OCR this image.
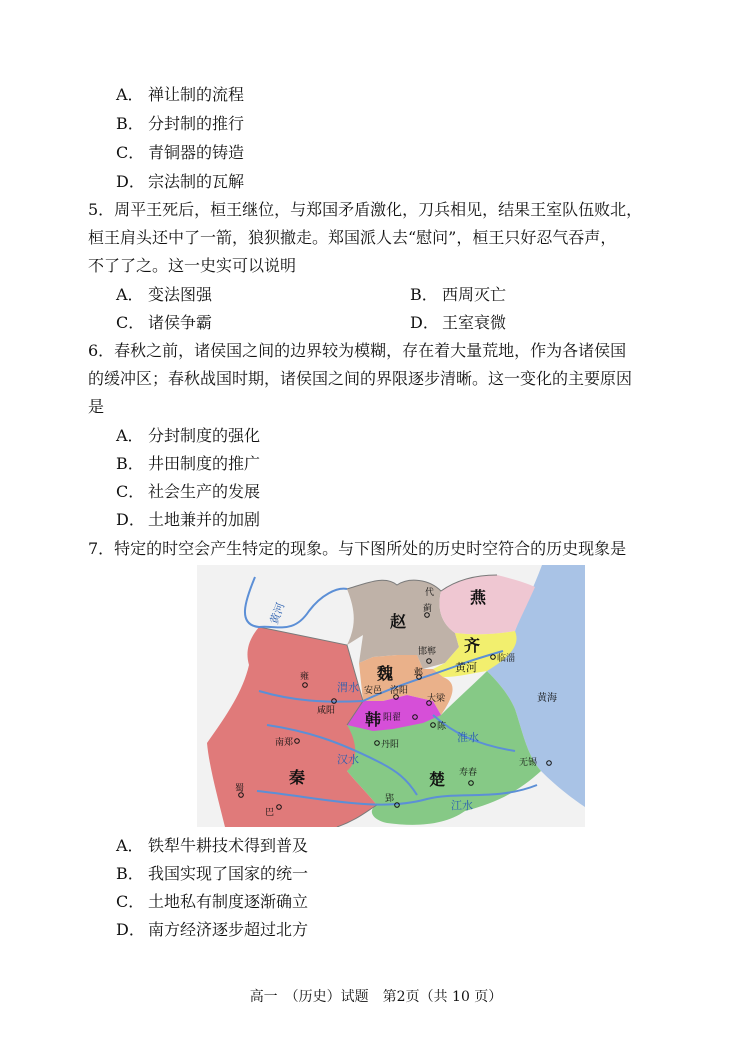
A． 禅让制的流程
B． 分封制的推行
C． 青铜器的铸造
D． 宗法制的瓦解
5．周平王死后，桓王继位，与郑国矛盾激化，刀兵相见，结果王室队伍败北，
桓王肩头还中了一箭，狼狈撤走。郑国派人去“慰问”，桓王只好忍气吞声，
不了了之。这一史实可以说明
A． 变法图强	B． 西周灭亡
C． 诸侯争霸	D． 王室衰微
6．春秋之前，诸侯国之间的边界较为模糊，存在着大量荒地，作为各诸侯国
的缓冲区；春秋战国时期，诸侯国之间的界限逐步清晰。这一变化的主要原因
是
A． 分封制度的强化
B． 井田制度的推广
C． 社会生产的发展
D． 土地兼并的加剧
7．特定的时空会产生特定的现象。与下图所处的历史时空符合的历史现象是
赵
燕
齐
魏
韩
秦	楚
代
蓟
邯郸
临淄
邺
安邑 洛阳
大梁
阳翟
陈
雍
咸阳
南郑	丹阳
寿春
无锡
蜀
巴
郢
黄河
黄河
黄海
渭水
汉水
淮水
江水
A． 铁犁牛耕技术得到普及
B． 我国实现了国家的统一
C． 土地私有制度逐渐确立
D． 南方经济逐步超过北方
高一　（历史）试题　第2页（共 10 页）
